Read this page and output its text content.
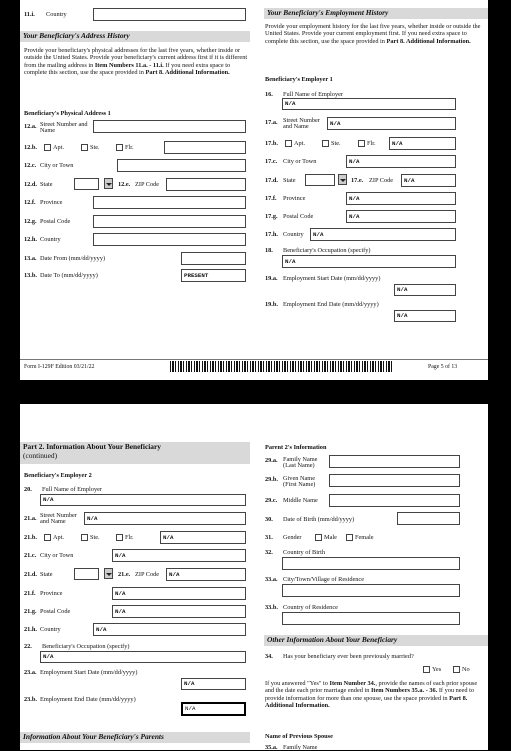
11.i. Country
Your Beneficiary's Address History
Provide your beneficiary's physical addresses for the last five years, whether inside or outside the United States. Provide your beneficiary's current address first if it is different from the mailing address in Item Numbers 11.a. - 11.i. If you need extra space to complete this section, use the space provided in Part 8. Additional Information.
Beneficiary's Physical Address 1
12.a. Street Number and Name
12.b.	Apt.	Ste.	Flr.
12.c. City or Town
12.d. State	12.e. ZIP Code
12.f. Province
12.g. Postal Code
12.h. Country
13.a. Date From (mm/dd/yyyy)
13.b. Date To (mm/dd/yyyy)	PRESENT
Your Beneficiary's Employment History
Provide your employment history for the last five years, whether inside or outside the United States. Provide your current employment first. If you need extra space to complete this section, use the space provided in Part 8. Additional Information.
Beneficiary's Employer 1
16. Full Name of Employer
N/A
17.a. Street Number and Name	N/A
17.b.	Apt.	Ste.	Flr.	N/A
17.c. City or Town	N/A
17.d. State	17.e. ZIP Code	N/A
17.f. Province	N/A
17.g. Postal Code	N/A
17.h. Country	N/A
18. Beneficiary's Occupation (specify)
N/A
19.a. Employment Start Date (mm/dd/yyyy)
N/A
19.b. Employment End Date (mm/dd/yyyy)
N/A
Form I-129F Edition 03/21/22	Page 5 of 13
Part 2. Information About Your Beneficiary
(continued)
Beneficiary's Employer 2
20. Full Name of Employer
N/A
21.a. Street Number and Name	N/A
21.b.	Apt.	Ste.	Flr.	N/A
21.c. City or Town	N/A
21.d. State	21.e. ZIP Code	N/A
21.f. Province	N/A
21.g. Postal Code	N/A
21.h. Country	N/A
22. Beneficiary's Occupation (specify)
N/A
23.a. Employment Start Date (mm/dd/yyyy)
N/A
23.b. Employment End Date (mm/dd/yyyy)
N/A
Information About Your Beneficiary's Parents
Parent 2's Information
29.a. Family Name (Last Name)
29.b. Given Name (First Name)
29.c. Middle Name
30. Date of Birth (mm/dd/yyyy)
31. Gender	Male	Female
32. Country of Birth
33.a. City/Town/Village of Residence
33.b. Country of Residence
Other Information About Your Beneficiary
34. Has your beneficiary ever been previously married?
Yes	No
If you answered "Yes" to Item Number 34., provide the names of each prior spouse and the date each prior marriage ended in Item Numbers 35.a. - 36. If you need to provide information for more than one spouse, use the space provided in Part 8. Additional Information.
Name of Previous Spouse
35.a. Family Name
